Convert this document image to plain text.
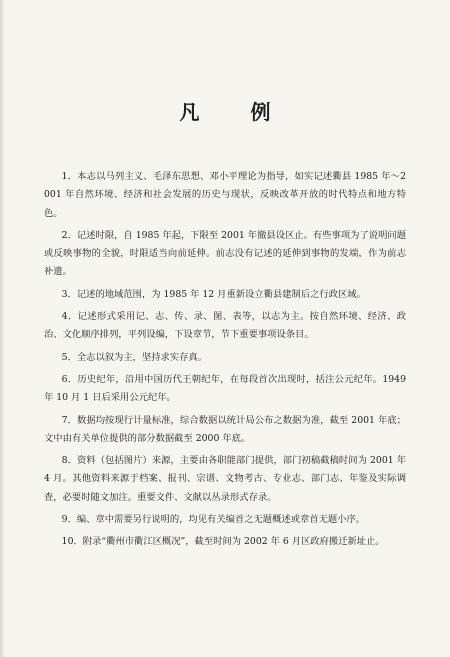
凡 例
1．本志以马列主义、毛泽东思想、邓小平理论为指导，如实记述衢县 1985 年～2001 年自然环境、经济和社会发展的历史与现状，反映改革开放的时代特点和地方特色。
2．记述时限，自 1985 年起，下限至 2001 年撤县设区止。有些事项为了说明问题或反映事物的全貌，时限适当向前延伸。前志没有记述的延伸到事物的发端，作为前志补遗。
3．记述的地域范围，为 1985 年 12 月重新设立衢县建制后之行政区域。
4．记述形式采用记、志、传、录、图、表等，以志为主。按自然环境、经济、政治、文化顺序排列，平列设编，下设章节，节下重要事项设条目。
5．全志以叙为主，坚持求实存真。
6．历史纪年，沿用中国历代王朝纪年，在每段首次出现时，括注公元纪年。1949 年 10 月 1 日后采用公元纪年。
7．数据均按现行计量标准，综合数据以统计局公布之数据为准，截至 2001 年底；文中由有关单位提供的部分数据截至 2000 年底。
8．资料（包括图片）来源，主要由各职能部门提供，部门初稿截稿时间为 2001 年 4 月。其他资料来源于档案、报刊、宗谱、文物考古、专业志、部门志、年鉴及实际调查，必要时随文加注。重要文件、文献以丛录形式存录。
9．编、章中需要另行说明的，均见有关编首之无题概述或章首无题小序。
10．附录“衢州市衢江区概况”，截至时间为 2002 年 6 月区政府搬迁新址止。
